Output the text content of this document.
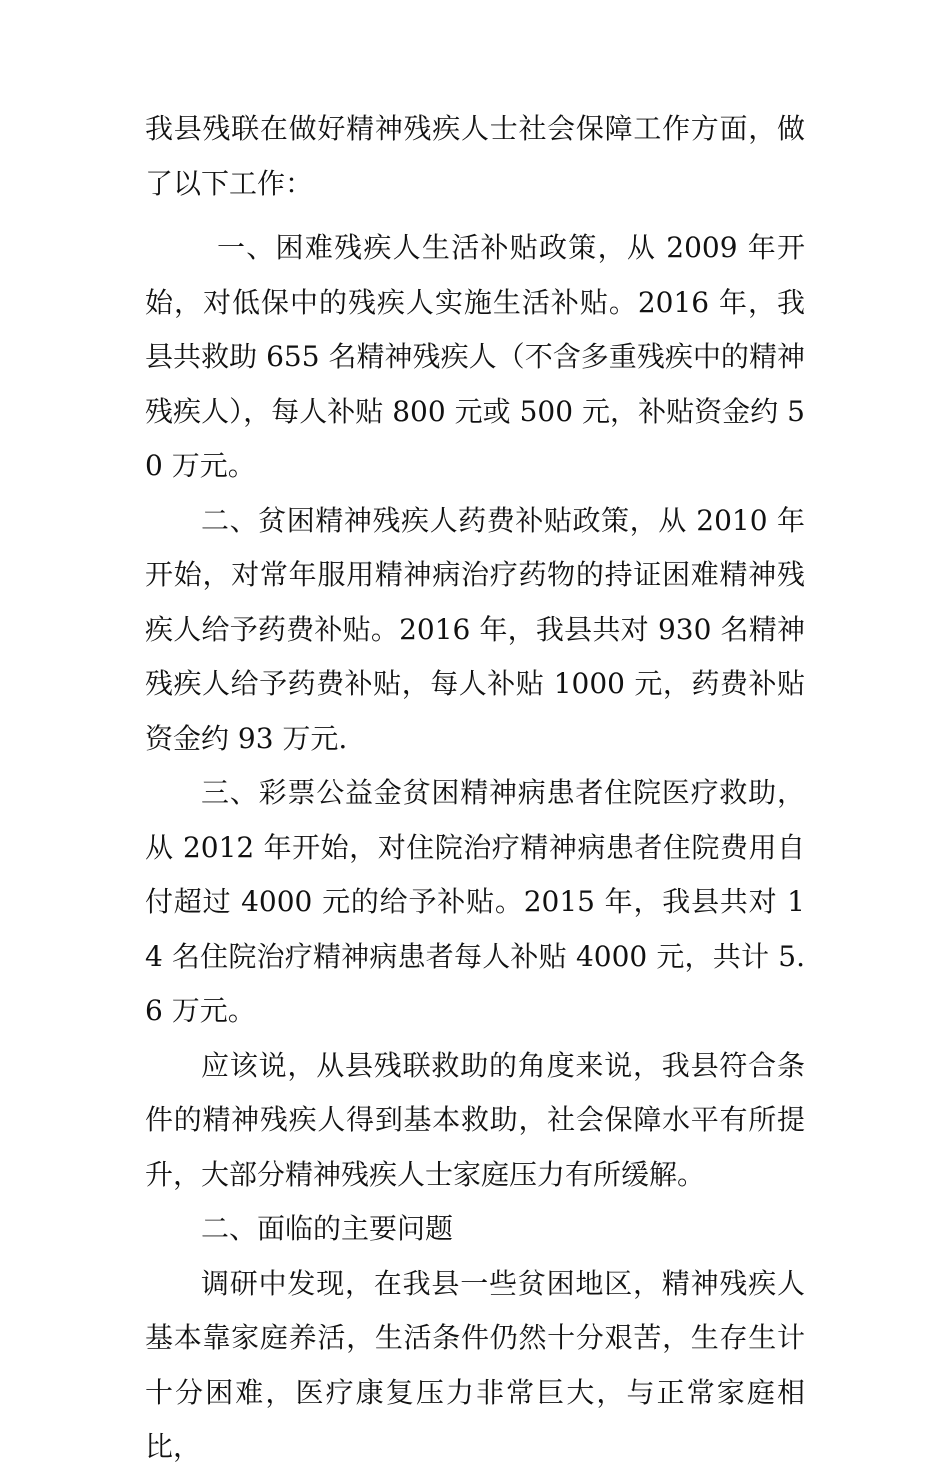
我县残联在做好精神残疾人士社会保障工作方面，做了以下工作：

一、困难残疾人生活补贴政策，从 2009 年开始，对低保中的残疾人实施生活补贴。2016 年，我县共救助 655 名精神残疾人（不含多重残疾中的精神残疾人），每人补贴 800 元或 500 元，补贴资金约 50 万元。

二、贫困精神残疾人药费补贴政策，从 2010 年开始，对常年服用精神病治疗药物的持证困难精神残疾人给予药费补贴。2016 年，我县共对 930 名精神残疾人给予药费补贴，每人补贴 1000 元，药费补贴资金约 93 万元.

三、彩票公益金贫困精神病患者住院医疗救助，从 2012 年开始，对住院治疗精神病患者住院费用自付超过 4000 元的给予补贴。2015 年，我县共对 14 名住院治疗精神病患者每人补贴 4000 元，共计 5.6 万元。

应该说，从县残联救助的角度来说，我县符合条件的精神残疾人得到基本救助，社会保障水平有所提升，大部分精神残疾人士家庭压力有所缓解。

二、面临的主要问题

调研中发现，在我县一些贫困地区，精神残疾人基本靠家庭养活，生活条件仍然十分艰苦，生存生计十分困难，医疗康复压力非常巨大，与正常家庭相比，
